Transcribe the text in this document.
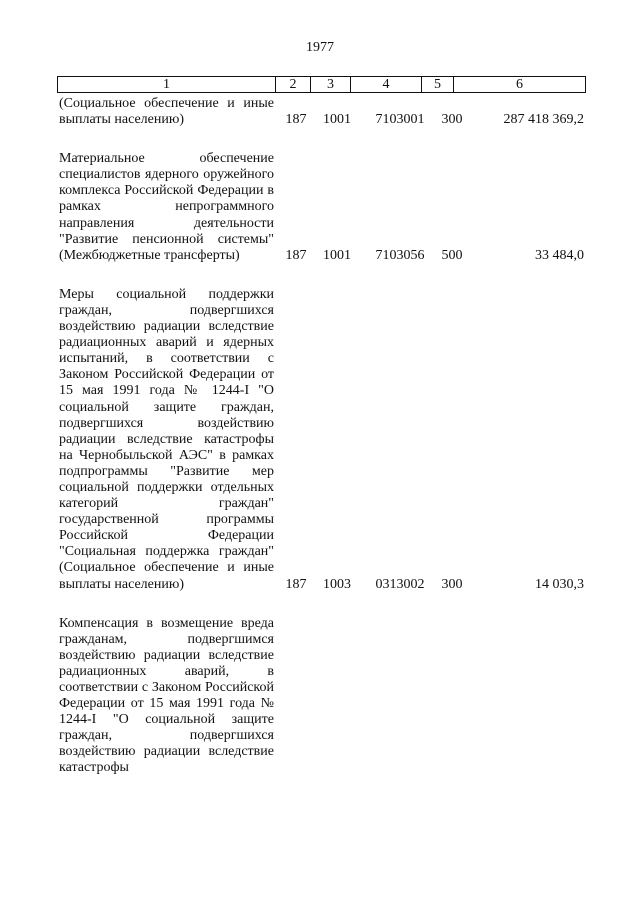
1977
1	2	3	4	5	6
(Социальное обеспечение и иные выплаты населению)	187	1001	7103001	300	287 418 369,2
Материальное обеспечение специалистов ядерного оружейного комплекса Российской Федерации в рамках непрограммного направления деятельности "Развитие пенсионной системы" (Межбюджетные трансферты)	187	1001	7103056	500	33 484,0
Меры социальной поддержки граждан, подвергшихся воздействию радиации вследствие радиационных аварий и ядерных испытаний, в соответствии с Законом Российской Федерации от 15 мая 1991 года № 1244-I "О социальной защите граждан, подвергшихся воздействию радиации вследствие катастрофы на Чернобыльской АЭС" в рамках подпрограммы "Развитие мер социальной поддержки отдельных категорий граждан" государственной программы Российской Федерации "Социальная поддержка граждан" (Социальное обеспечение и иные выплаты населению)	187	1003	0313002	300	14 030,3
Компенсация в возмещение вреда гражданам, подвергшимся воздействию радиации вследствие радиационных аварий, в соответствии с Законом Российской Федерации от 15 мая 1991 года № 1244-I "О социальной защите граждан, подвергшихся воздействию радиации вследствие катастрофы
